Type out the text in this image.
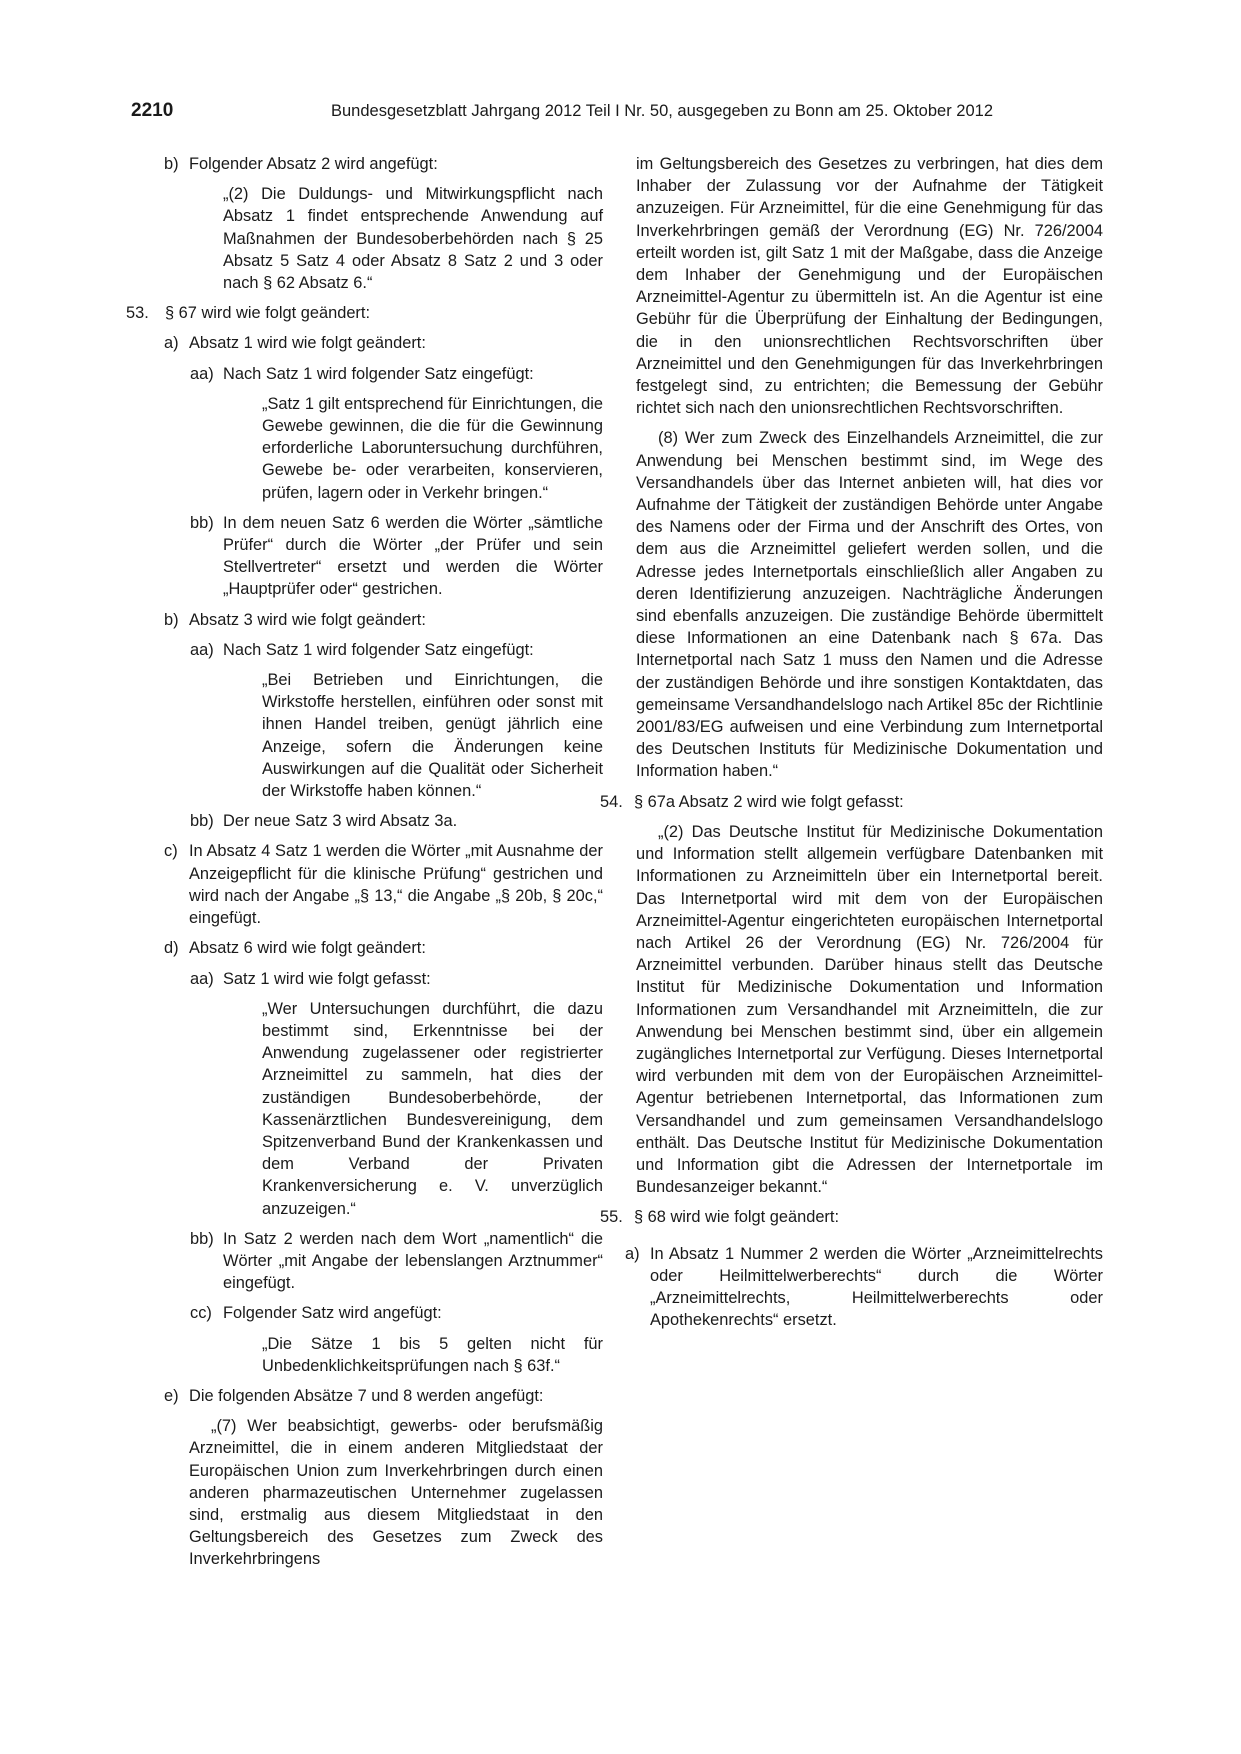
2210	Bundesgesetzblatt Jahrgang 2012 Teil I Nr. 50, ausgegeben zu Bonn am 25. Oktober 2012
b) Folgender Absatz 2 wird angefügt:
„(2) Die Duldungs- und Mitwirkungspflicht nach Absatz 1 findet entsprechende Anwendung auf Maßnahmen der Bundesoberbehörden nach § 25 Absatz 5 Satz 4 oder Absatz 8 Satz 2 und 3 oder nach § 62 Absatz 6.“
53. § 67 wird wie folgt geändert:
a) Absatz 1 wird wie folgt geändert:
aa) Nach Satz 1 wird folgender Satz eingefügt:
„Satz 1 gilt entsprechend für Einrichtungen, die Gewebe gewinnen, die die für die Gewinnung erforderliche Laboruntersuchung durchführen, Gewebe be- oder verarbeiten, konservieren, prüfen, lagern oder in Verkehr bringen.“
bb) In dem neuen Satz 6 werden die Wörter „sämtliche Prüfer“ durch die Wörter „der Prüfer und sein Stellvertreter“ ersetzt und werden die Wörter „Hauptprüfer oder“ gestrichen.
b) Absatz 3 wird wie folgt geändert:
aa) Nach Satz 1 wird folgender Satz eingefügt:
„Bei Betrieben und Einrichtungen, die Wirkstoffe herstellen, einführen oder sonst mit ihnen Handel treiben, genügt jährlich eine Anzeige, sofern die Änderungen keine Auswirkungen auf die Qualität oder Sicherheit der Wirkstoffe haben können.“
bb) Der neue Satz 3 wird Absatz 3a.
c) In Absatz 4 Satz 1 werden die Wörter „mit Ausnahme der Anzeigepflicht für die klinische Prüfung“ gestrichen und wird nach der Angabe „§ 13,“ die Angabe „§ 20b, § 20c,“ eingefügt.
d) Absatz 6 wird wie folgt geändert:
aa) Satz 1 wird wie folgt gefasst:
„Wer Untersuchungen durchführt, die dazu bestimmt sind, Erkenntnisse bei der Anwendung zugelassener oder registrierter Arzneimittel zu sammeln, hat dies der zuständigen Bundesoberbehörde, der Kassenärztlichen Bundesvereinigung, dem Spitzenverband Bund der Krankenkassen und dem Verband der Privaten Krankenversicherung e. V. unverzüglich anzuzeigen.“
bb) In Satz 2 werden nach dem Wort „namentlich“ die Wörter „mit Angabe der lebenslangen Arztnummer“ eingefügt.
cc) Folgender Satz wird angefügt:
„Die Sätze 1 bis 5 gelten nicht für Unbedenklichkeitsprüfungen nach § 63f.“
e) Die folgenden Absätze 7 und 8 werden angefügt:
„(7) Wer beabsichtigt, gewerbs- oder berufsmäßig Arzneimittel, die in einem anderen Mitgliedstaat der Europäischen Union zum Inverkehrbringen durch einen anderen pharmazeutischen Unternehmer zugelassen sind, erstmalig aus diesem Mitgliedstaat in den Geltungsbereich des Gesetzes zum Zweck des Inverkehrbringens
im Geltungsbereich des Gesetzes zu verbringen, hat dies dem Inhaber der Zulassung vor der Aufnahme der Tätigkeit anzuzeigen. Für Arzneimittel, für die eine Genehmigung für das Inverkehrbringen gemäß der Verordnung (EG) Nr. 726/2004 erteilt worden ist, gilt Satz 1 mit der Maßgabe, dass die Anzeige dem Inhaber der Genehmigung und der Europäischen Arzneimittel-Agentur zu übermitteln ist. An die Agentur ist eine Gebühr für die Überprüfung der Einhaltung der Bedingungen, die in den unionsrechtlichen Rechtsvorschriften über Arzneimittel und den Genehmigungen für das Inverkehrbringen festgelegt sind, zu entrichten; die Bemessung der Gebühr richtet sich nach den unionsrechtlichen Rechtsvorschriften.
(8) Wer zum Zweck des Einzelhandels Arzneimittel, die zur Anwendung bei Menschen bestimmt sind, im Wege des Versandhandels über das Internet anbieten will, hat dies vor Aufnahme der Tätigkeit der zuständigen Behörde unter Angabe des Namens oder der Firma und der Anschrift des Ortes, von dem aus die Arzneimittel geliefert werden sollen, und die Adresse jedes Internetportals einschließlich aller Angaben zu deren Identifizierung anzuzeigen. Nachträgliche Änderungen sind ebenfalls anzuzeigen. Die zuständige Behörde übermittelt diese Informationen an eine Datenbank nach § 67a. Das Internetportal nach Satz 1 muss den Namen und die Adresse der zuständigen Behörde und ihre sonstigen Kontaktdaten, das gemeinsame Versandhandelslogo nach Artikel 85c der Richtlinie 2001/83/EG aufweisen und eine Verbindung zum Internetportal des Deutschen Instituts für Medizinische Dokumentation und Information haben.“
54. § 67a Absatz 2 wird wie folgt gefasst:
„(2) Das Deutsche Institut für Medizinische Dokumentation und Information stellt allgemein verfügbare Datenbanken mit Informationen zu Arzneimitteln über ein Internetportal bereit. Das Internetportal wird mit dem von der Europäischen Arzneimittel-Agentur eingerichteten europäischen Internetportal nach Artikel 26 der Verordnung (EG) Nr. 726/2004 für Arzneimittel verbunden. Darüber hinaus stellt das Deutsche Institut für Medizinische Dokumentation und Information Informationen zum Versandhandel mit Arzneimitteln, die zur Anwendung bei Menschen bestimmt sind, über ein allgemein zugängliches Internetportal zur Verfügung. Dieses Internetportal wird verbunden mit dem von der Europäischen Arzneimittel-Agentur betriebenen Internetportal, das Informationen zum Versandhandel und zum gemeinsamen Versandhandelslogo enthält. Das Deutsche Institut für Medizinische Dokumentation und Information gibt die Adressen der Internetportale im Bundesanzeiger bekannt.“
55. § 68 wird wie folgt geändert:
a) In Absatz 1 Nummer 2 werden die Wörter „Arzneimittelrechts oder Heilmittelwerberechts“ durch die Wörter „Arzneimittelrechts, Heilmittelwerberechts oder Apothekenrechts“ ersetzt.
